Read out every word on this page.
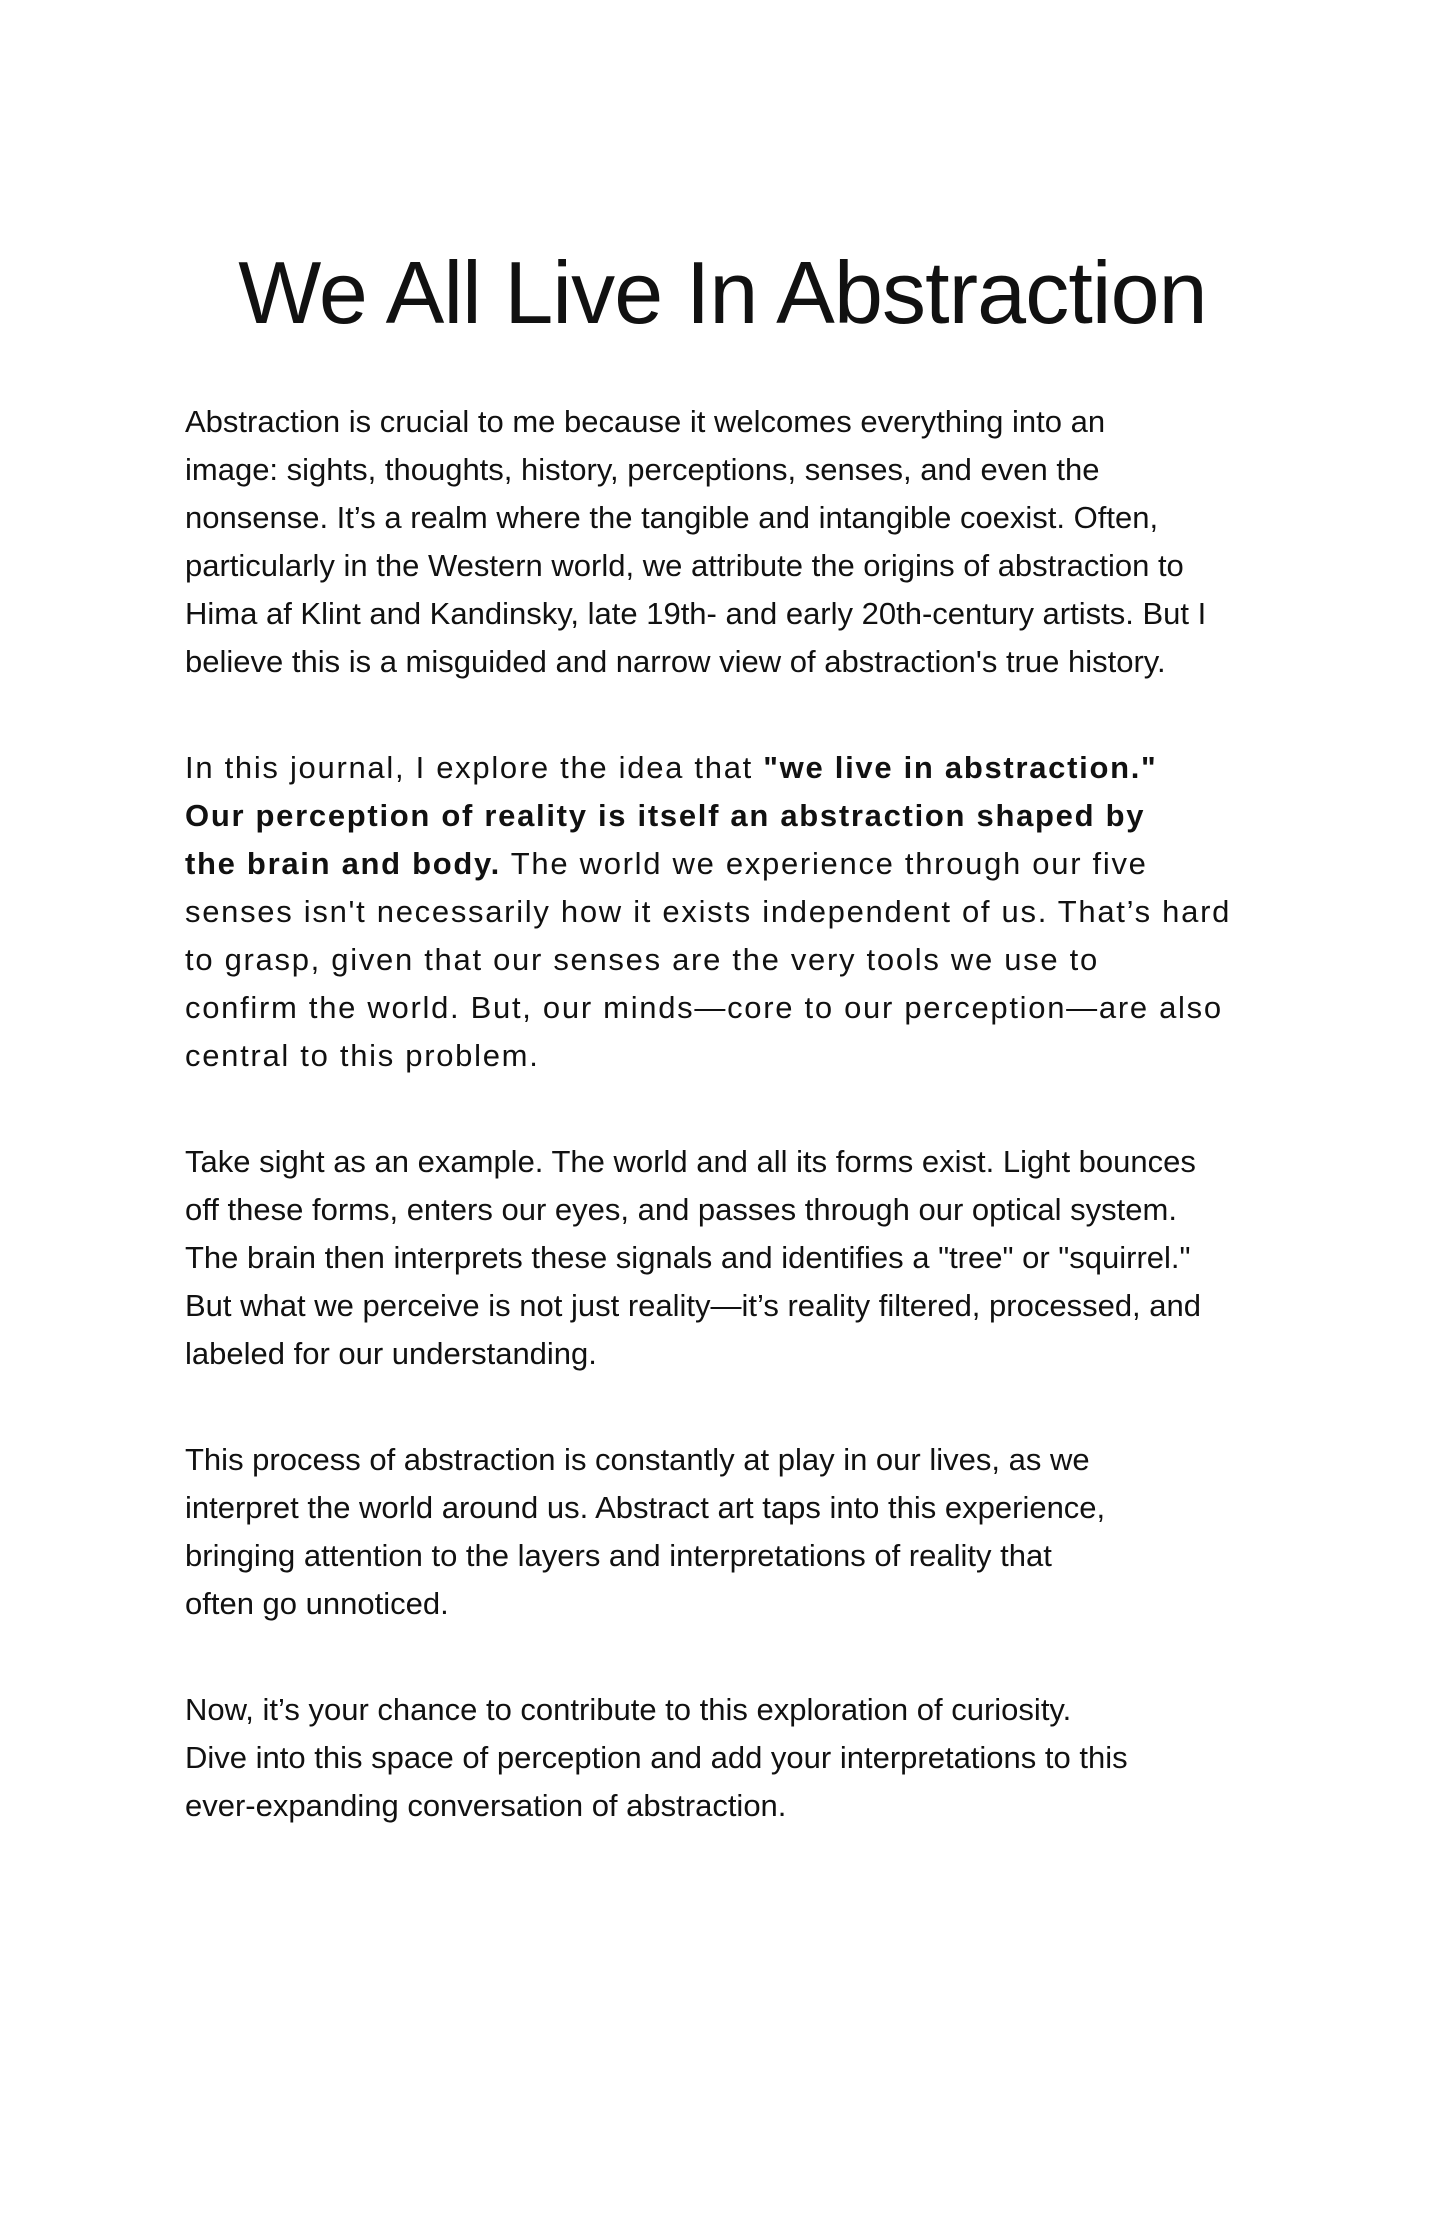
We All Live In Abstraction
Abstraction is crucial to me because it welcomes everything into an
image: sights, thoughts, history, perceptions, senses, and even the
nonsense. It’s a realm where the tangible and intangible coexist. Often,
particularly in the Western world, we attribute the origins of abstraction to
Hima af Klint and Kandinsky, late 19th- and early 20th-century artists. But I
believe this is a misguided and narrow view of abstraction's true history.
In this journal, I explore the idea that "we live in abstraction."
Our perception of reality is itself an abstraction shaped by
the brain and body. The world we experience through our five
senses isn't necessarily how it exists independent of us. That’s hard
to grasp, given that our senses are the very tools we use to
confirm the world. But, our minds—core to our perception—are also
central to this problem.
Take sight as an example. The world and all its forms exist. Light bounces
off these forms, enters our eyes, and passes through our optical system.
The brain then interprets these signals and identifies a "tree" or "squirrel."
But what we perceive is not just reality—it’s reality filtered, processed, and
labeled for our understanding.
This process of abstraction is constantly at play in our lives, as we
interpret the world around us. Abstract art taps into this experience,
bringing attention to the layers and interpretations of reality that
often go unnoticed.
Now, it’s your chance to contribute to this exploration of curiosity.
Dive into this space of perception and add your interpretations to this
ever-expanding conversation of abstraction.
